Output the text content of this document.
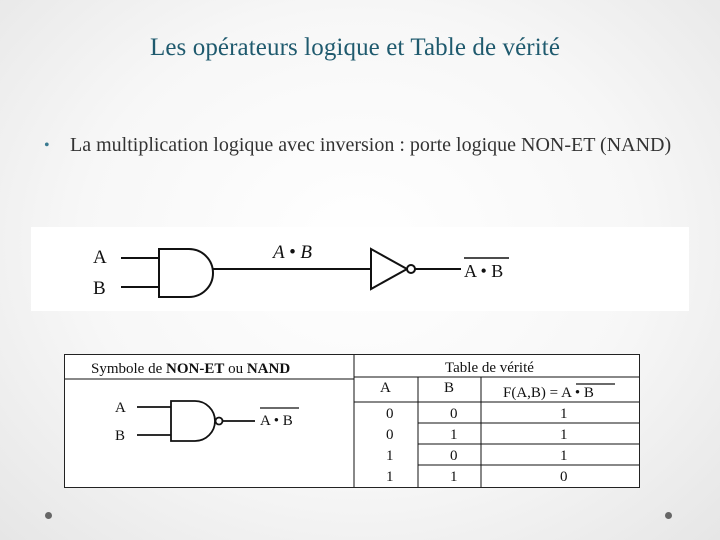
Les opérateurs logique et Table de vérité
•	La multiplication logique avec inversion : porte logique NON-ET (NAND)
A
B
A • B
A • B
Symbole de NON-ET ou NAND
A
B
A • B
Table de vérité
A	B	F(A,B) = A • B
0	0	1
0	1	1
1	0	1
1	1	0
